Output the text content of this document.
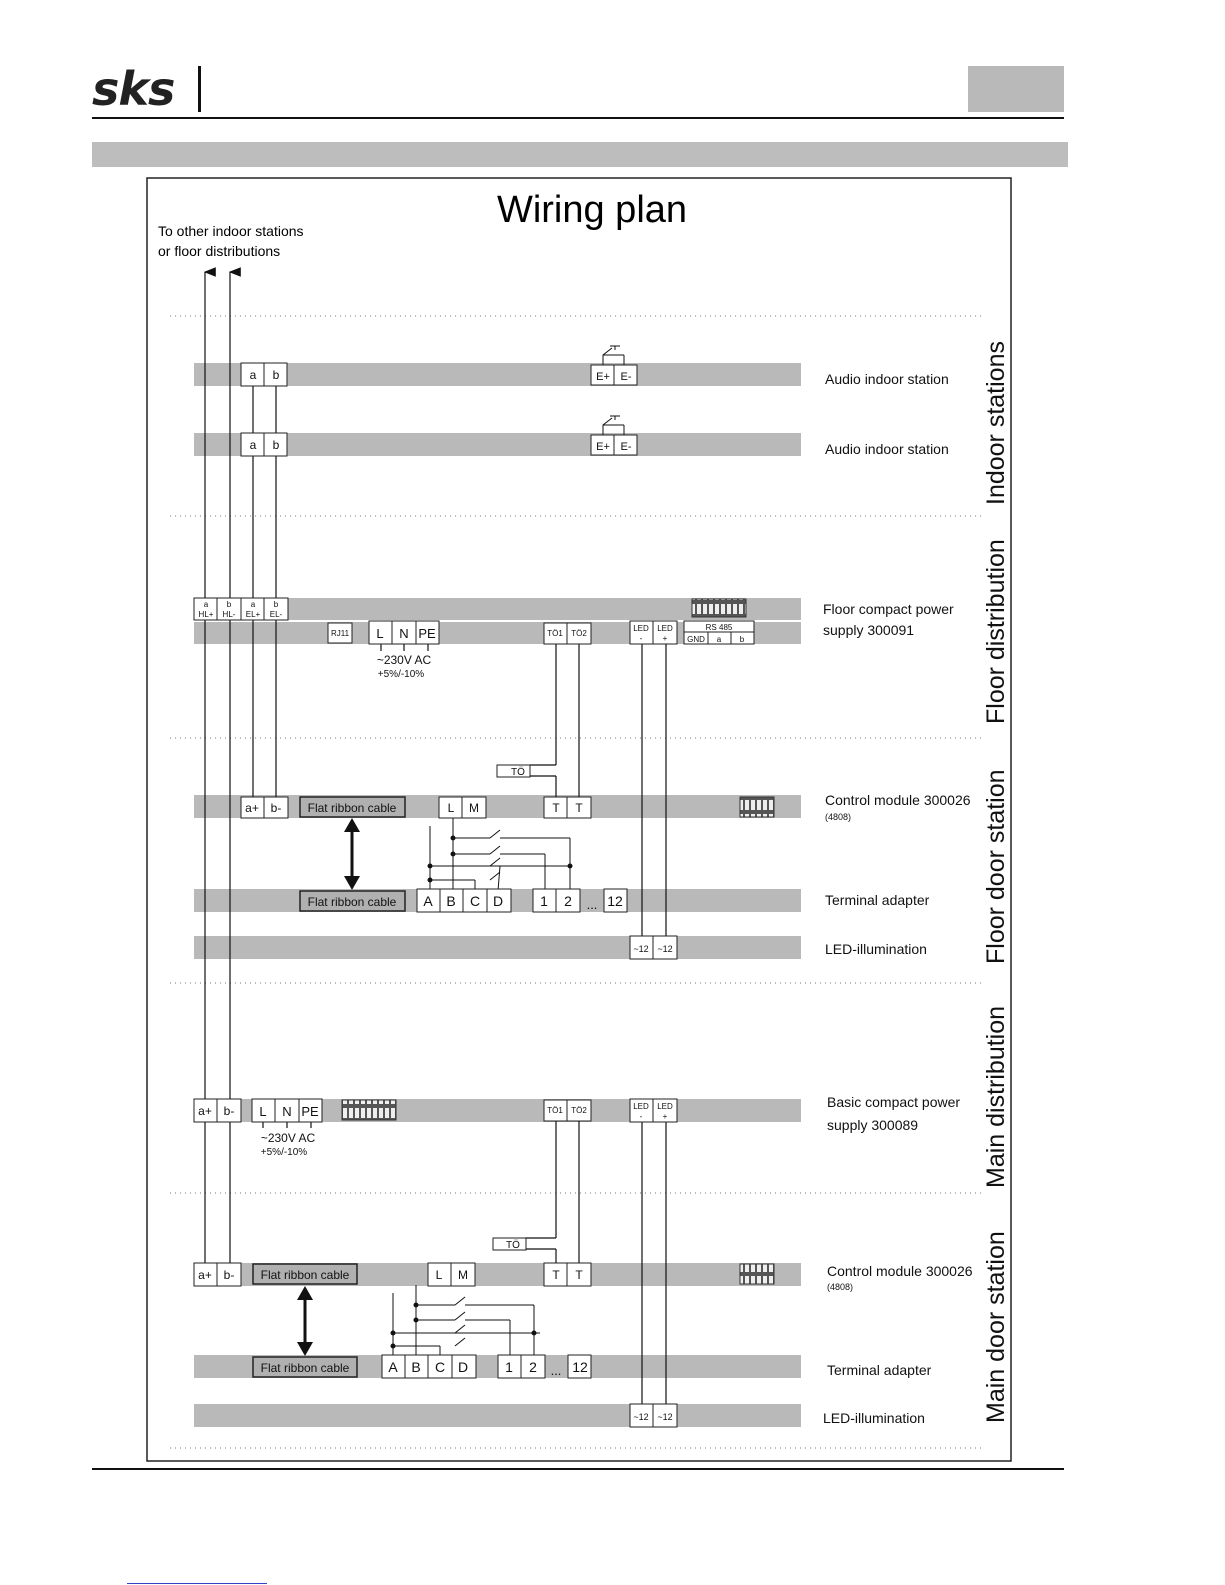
sks
Wiring plan
To other indoor stations
or floor distributions
Indoor stations
Floor distribution
Floor door station
Main distribution
Main door station
Audio indoor station
Audio indoor station
Floor compact power
supply 300091
Control module 300026
(4808)
Terminal adapter
LED-illumination
Basic compact power
supply 300089
Control module 300026
(4808)
Terminal adapter
LED-illumination
a b	E+ E-
a b	E+ E-
a
HL+
b
HL-
a
EL+
b
EL-
RJ11	TÖ1 TÖ2
LED
-
LED
+
RS 485
GND a b
L N PE
~230V AC
+5%/-10%
a+ b- Flat ribbon cable	L M	T T
TÖ
Flat ribbon cable A B C D	1 2 ... 12
~12 ~12
a+ b- L N PE
~230V AC
+5%/-10%
TÖ1 TÖ2	LED
-
LED
+
a+ b- Flat ribbon cable	L M	T T
TÖ
Flat ribbon cable	A B C D	1 2 ... 12
~12 ~12
